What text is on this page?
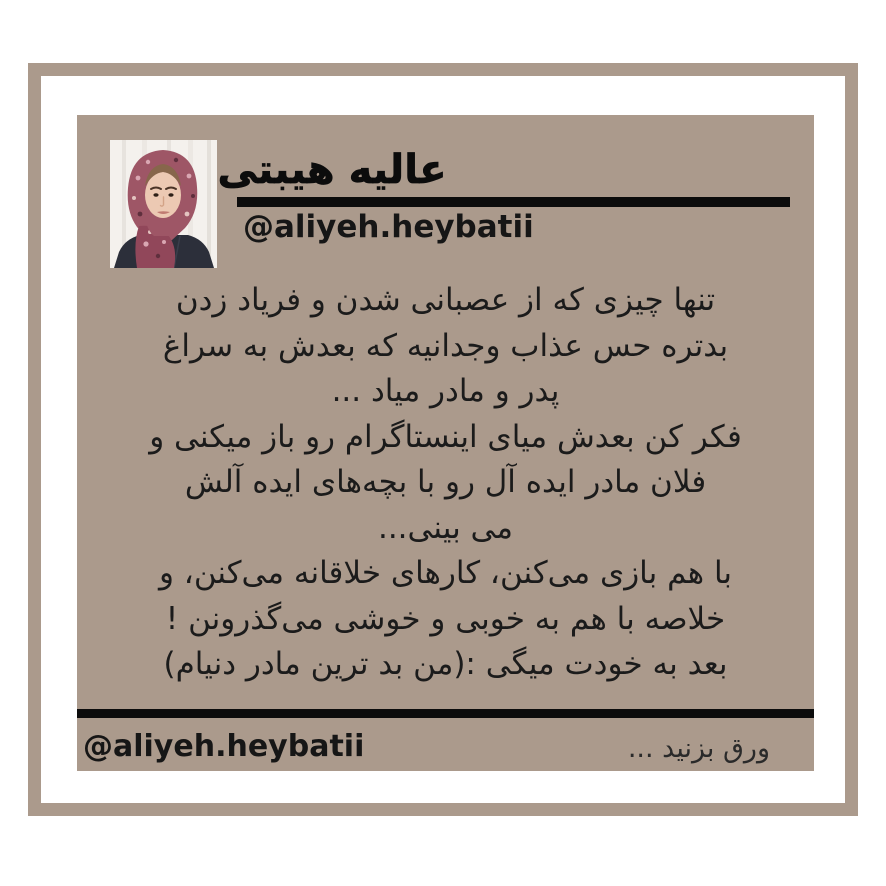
عالیه هیبتی
@aliyeh.heybatii
تنها چیزی که از عصبانی شدن و فریاد زدن
بدتره حس عذاب وجدانیه که بعدش به سراغ
پدر و مادر میاد ...
فکر کن بعدش میای اینستاگرام رو باز میکنی و
فلان مادر ایده آل رو با بچه‌های ایده آلش
می بینی...
با هم بازی می‌کنن، کارهای خلاقانه می‌کنن، و
خلاصه با هم به خوبی و خوشی می‌گذرونن !
بعد به خودت میگی :(من بد ترین مادر دنیام)
@aliyeh.heybatii	ورق بزنید ...
